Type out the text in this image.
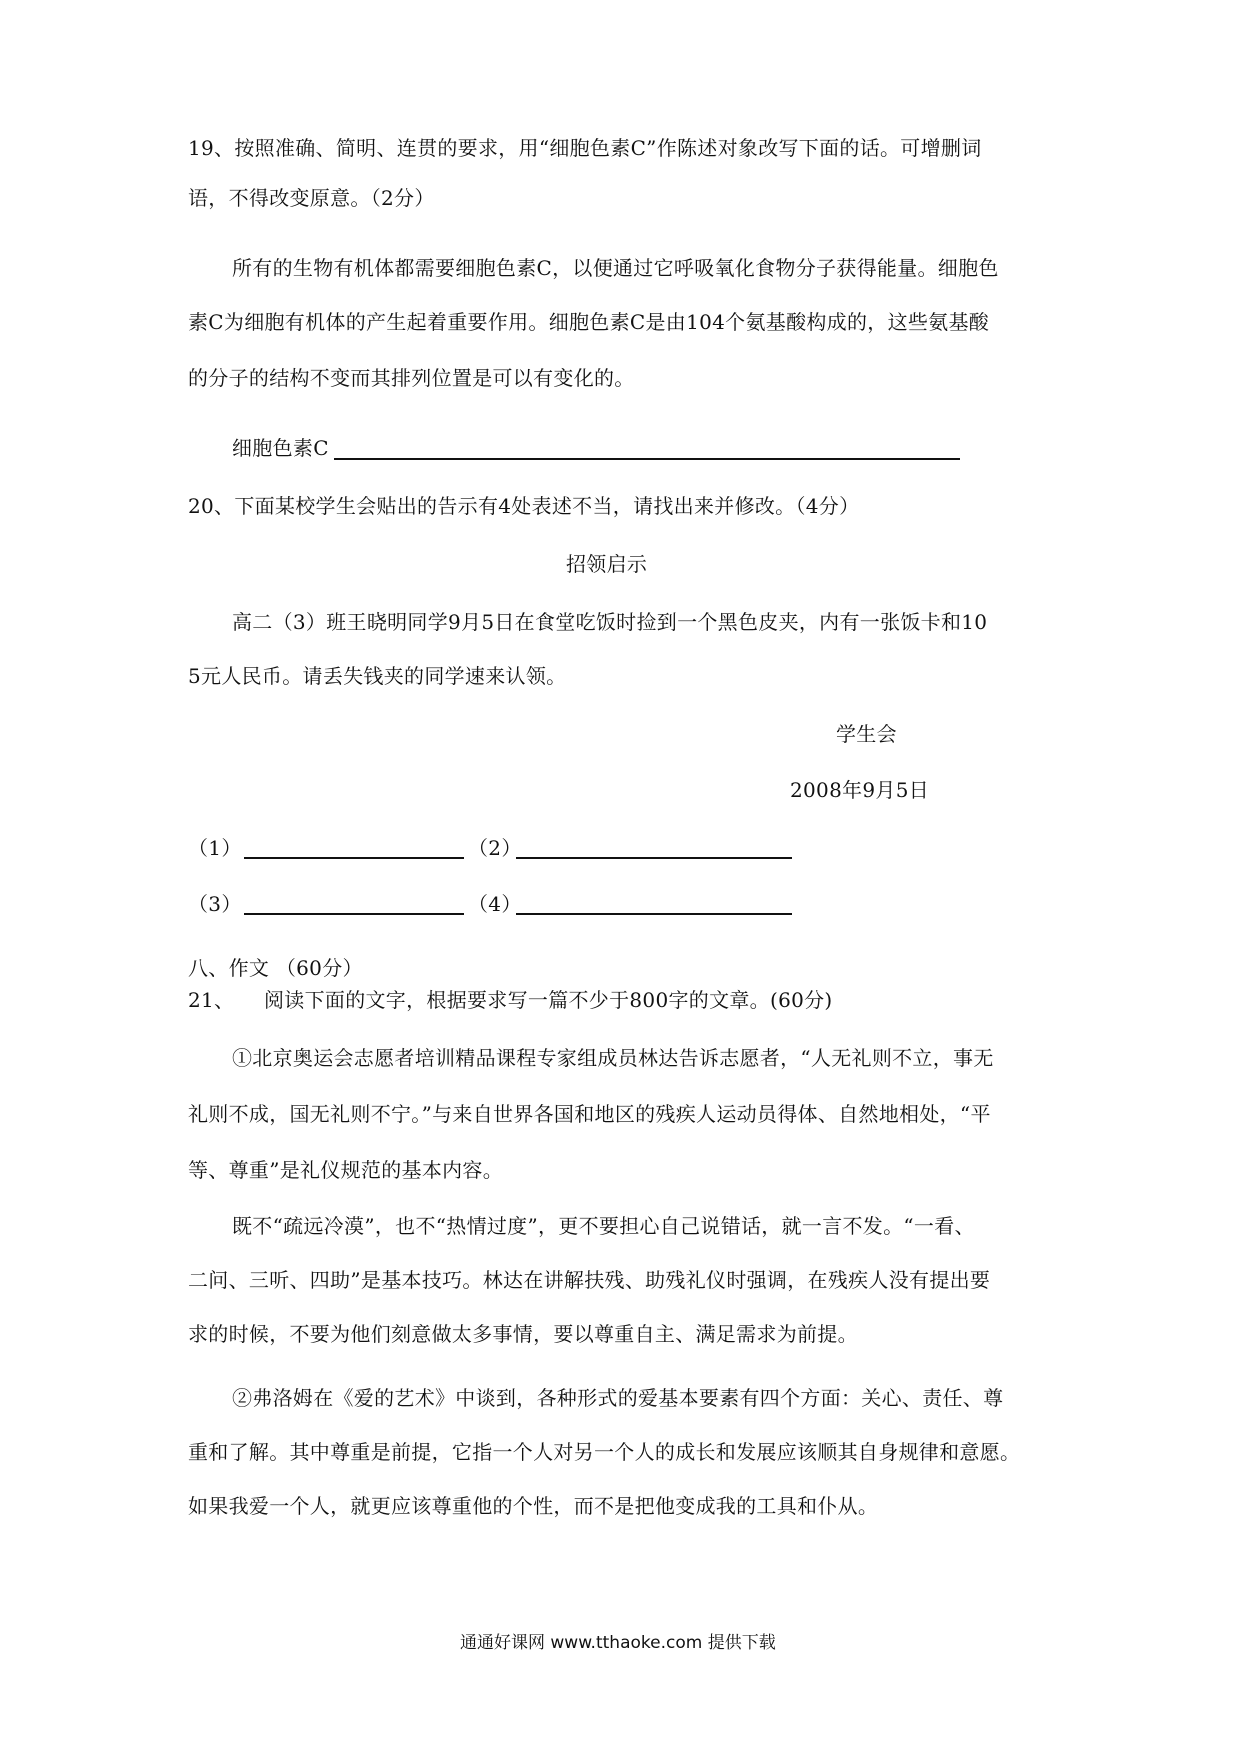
19、按照准确、简明、连贯的要求，用“细胞色素C”作陈述对象改写下面的话。可增删词
语，不得改变原意。（2分）
所有的生物有机体都需要细胞色素C，以便通过它呼吸氧化食物分子获得能量。细胞色
素C为细胞有机体的产生起着重要作用。细胞色素C是由104个氨基酸构成的，这些氨基酸
的分子的结构不变而其排列位置是可以有变化的。
细胞色素C
20、下面某校学生会贴出的告示有4处表述不当，请找出来并修改。（4分）
招领启示
高二（3）班王晓明同学9月5日在食堂吃饭时捡到一个黑色皮夹，内有一张饭卡和10
5元人民币。请丢失钱夹的同学速来认领。
学生会
2008年9月5日
（1）	（2）
（3）	（4）
八、作文 （60分）
21、 阅读下面的文字，根据要求写一篇不少于800字的文章。(60分)
①北京奥运会志愿者培训精品课程专家组成员林达告诉志愿者，“人无礼则不立，事无
礼则不成，国无礼则不宁。”与来自世界各国和地区的残疾人运动员得体、自然地相处，“平
等、尊重”是礼仪规范的基本内容。
既不“疏远冷漠”，也不“热情过度”，更不要担心自己说错话，就一言不发。“一看、
二问、三听、四助”是基本技巧。林达在讲解扶残、助残礼仪时强调，在残疾人没有提出要
求的时候，不要为他们刻意做太多事情，要以尊重自主、满足需求为前提。
②弗洛姆在《爱的艺术》中谈到，各种形式的爱基本要素有四个方面：关心、责任、尊
重和了解。其中尊重是前提，它指一个人对另一个人的成长和发展应该顺其自身规律和意愿。
如果我爱一个人，就更应该尊重他的个性，而不是把他变成我的工具和仆从。
通通好课网 www.tthaoke.com 提供下载
